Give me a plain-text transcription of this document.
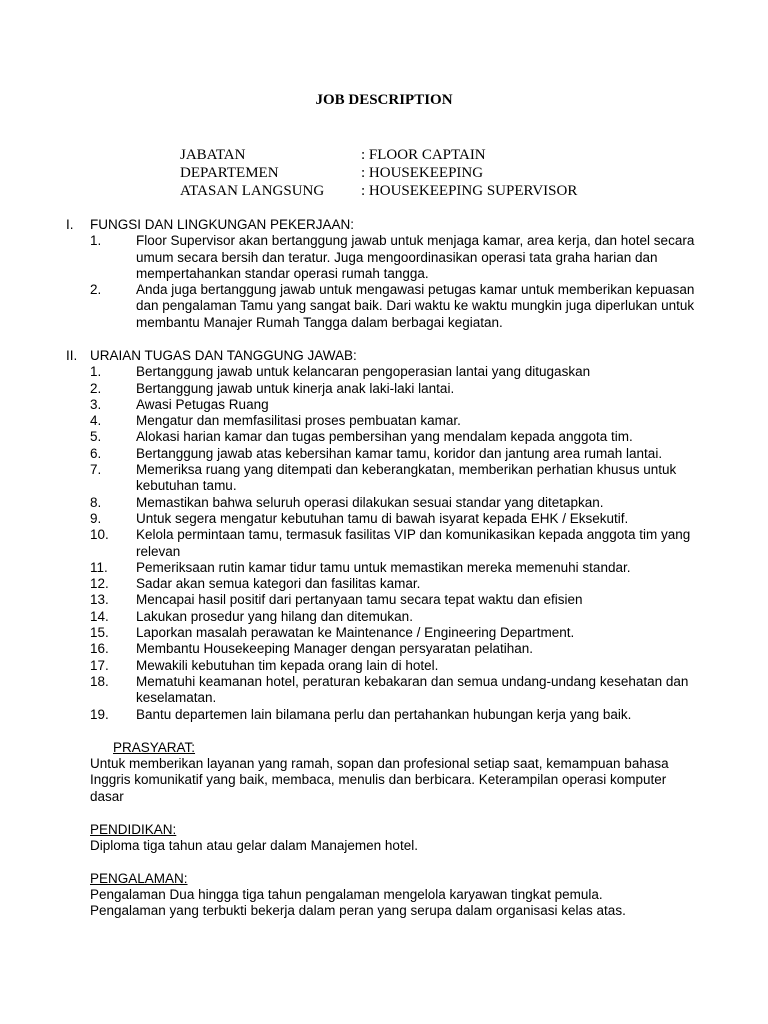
JOB DESCRIPTION
JABATAN	: FLOOR CAPTAIN
DEPARTEMEN	: HOUSEKEEPING
ATASAN LANGSUNG : HOUSEKEEPING SUPERVISOR
I. FUNGSI DAN LINGKUNGAN PEKERJAAN:
1.	Floor Supervisor akan bertanggung jawab untuk menjaga kamar, area kerja, dan hotel secara umum secara bersih dan teratur. Juga mengoordinasikan operasi tata graha harian dan mempertahankan standar operasi rumah tangga.
2.	Anda juga bertanggung jawab untuk mengawasi petugas kamar untuk memberikan kepuasan dan pengalaman Tamu yang sangat baik. Dari waktu ke waktu mungkin juga diperlukan untuk membantu Manajer Rumah Tangga dalam berbagai kegiatan.
II. URAIAN TUGAS DAN TANGGUNG JAWAB:
1.	Bertanggung jawab untuk kelancaran pengoperasian lantai yang ditugaskan
2.	Bertanggung jawab untuk kinerja anak laki-laki lantai.
3.	Awasi Petugas Ruang
4.	Mengatur dan memfasilitasi proses pembuatan kamar.
5.	Alokasi harian kamar dan tugas pembersihan yang mendalam kepada anggota tim.
6.	Bertanggung jawab atas kebersihan kamar tamu, koridor dan jantung area rumah lantai.
7.	Memeriksa ruang yang ditempati dan keberangkatan, memberikan perhatian khusus untuk kebutuhan tamu.
8.	Memastikan bahwa seluruh operasi dilakukan sesuai standar yang ditetapkan.
9.	Untuk segera mengatur kebutuhan tamu di bawah isyarat kepada EHK / Eksekutif.
10.	Kelola permintaan tamu, termasuk fasilitas VIP dan komunikasikan kepada anggota tim yang relevan
11.	Pemeriksaan rutin kamar tidur tamu untuk memastikan mereka memenuhi standar.
12.	Sadar akan semua kategori dan fasilitas kamar.
13.	Mencapai hasil positif dari pertanyaan tamu secara tepat waktu dan efisien
14.	Lakukan prosedur yang hilang dan ditemukan.
15.	Laporkan masalah perawatan ke Maintenance / Engineering Department.
16.	Membantu Housekeeping Manager dengan persyaratan pelatihan.
17.	Mewakili kebutuhan tim kepada orang lain di hotel.
18.	Mematuhi keamanan hotel, peraturan kebakaran dan semua undang-undang kesehatan dan keselamatan.
19.	Bantu departemen lain bilamana perlu dan pertahankan hubungan kerja yang baik.
PRASYARAT:
Untuk memberikan layanan yang ramah, sopan dan profesional setiap saat, kemampuan bahasa Inggris komunikatif yang baik, membaca, menulis dan berbicara. Keterampilan operasi komputer dasar
PENDIDIKAN:
Diploma tiga tahun atau gelar dalam Manajemen hotel.
PENGALAMAN:
Pengalaman Dua hingga tiga tahun pengalaman mengelola karyawan tingkat pemula.
Pengalaman yang terbukti bekerja dalam peran yang serupa dalam organisasi kelas atas.
